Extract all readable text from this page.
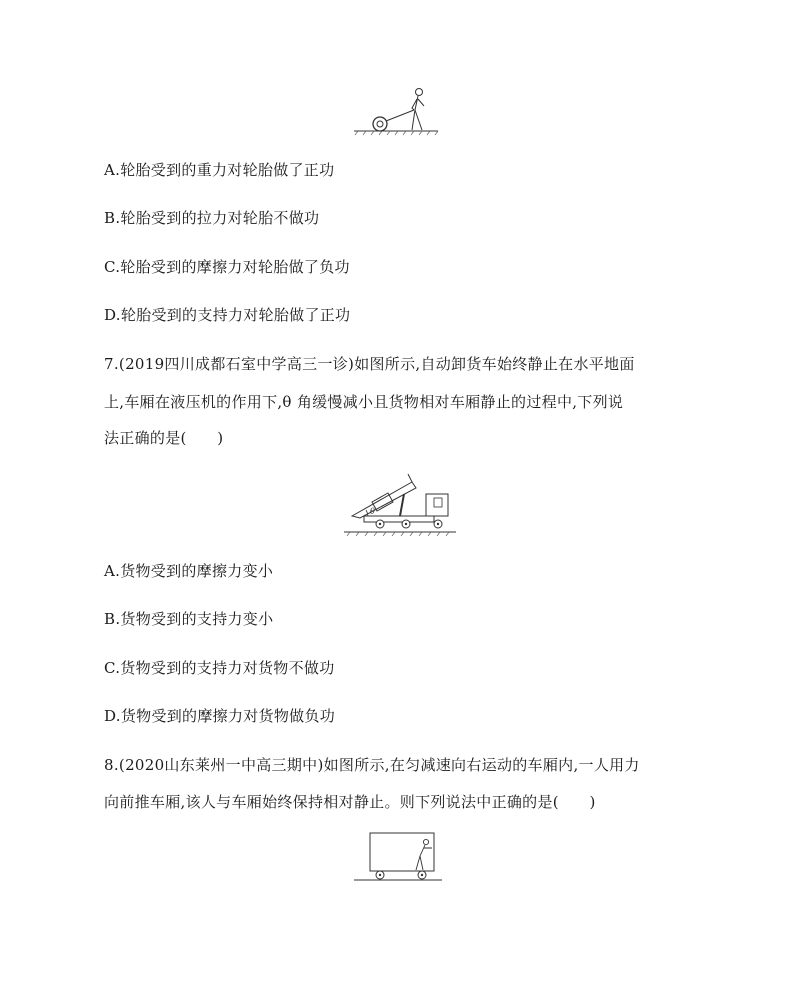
A.轮胎受到的重力对轮胎做了正功
B.轮胎受到的拉力对轮胎不做功
C.轮胎受到的摩擦力对轮胎做了负功
D.轮胎受到的支持力对轮胎做了正功
7.(2019四川成都石室中学高三一诊)如图所示,自动卸货车始终静止在水平地面
上,车厢在液压机的作用下,θ 角缓慢减小且货物相对车厢静止的过程中,下列说
法正确的是(　　)
θ
A.货物受到的摩擦力变小
B.货物受到的支持力变小
C.货物受到的支持力对货物不做功
D.货物受到的摩擦力对货物做负功
8.(2020山东莱州一中高三期中)如图所示,在匀减速向右运动的车厢内,一人用力
向前推车厢,该人与车厢始终保持相对静止。则下列说法中正确的是(　　)
